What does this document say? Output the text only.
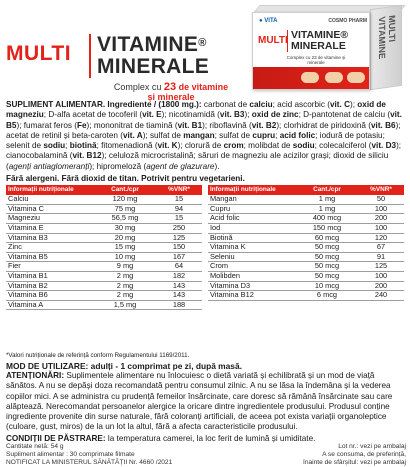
MULTI VITAMINE®
MINERALE
Complex cu 23 de vitamine
și minerale
MULTI VITAMINE
● VITA	COSMO PHARM
MULTI VITAMINE®
MINERALE
Complex cu 23 de vitamine și minerale
SUPLIMENT ALIMENTAR. Ingrediente / (1800 mg.): carbonat de calciu; acid ascorbic (vit. C); oxid de magneziu; D-alfa acetat de tocoferil (vit. E); nicotinamidă (vit. B3); oxid de zinc; D-pantotenat de calciu (vit. B5); fumarat feros (Fe); mononitrat de tiamină (vit. B1); riboflavină (vit. B2); clorhidrat de piridoxină (vit. B6); acetat de retinil și beta-caroten (vit. A); sulfat de mangan; sulfat de cupru; acid folic; iodură de potasiu; selenit de sodiu; biotină; fitomenadionă (vit. K); clorură de crom; molibdat de sodiu; colecalciferol (vit. D3); cianocobalamină (vit. B12); celuloză microcristalină; săruri de magneziu ale acizilor grași; dioxid de siliciu (agenți antiaglomeranți); hipromeloză (agent de glazurare).
Fără alergeni. Fără dioxid de titan. Potrivit pentru vegetarieni.
Informații nutriționale	Cant./cpr	%VNR*
Calciu	120 mg	15
Vitamina C	75 mg	94
Magneziu	56,5 mg	15
Vitamina E	30 mg	250
Vitamina B3	20 mg	125
Zinc	15 mg	150
Vitamina B5	10 mg	167
Fier	9 mg	64
Vitamina B1	2 mg	182
Vitamina B2	2 mg	143
Vitamina B6	2 mg	143
Vitamina A	1,5 mg	188
Informații nutriționale	Cant./cpr	%VNR*
Mangan	1 mg	50
Cupru	1 mg	100
Acid folic	400 mcg	200
Iod	150 mcg	100
Biotină	60 mcg	120
Vitamina K	50 mcg	67
Seleniu	50 mcg	91
Crom	50 mcg	125
Molibden	50 mcg	100
Vitamina D3	10 mcg	200
Vitamina B12	6 mcg	240
*Valori nutriționale de referință conform Regulamentului 1169/2011.
MOD DE UTILIZARE: adulți - 1 comprimat pe zi, după masă.
ATENȚIONĂRI: Suplimentele alimentare nu înlocuiesc o dietă variată și echilibrată și un mod de viață sănătos. A nu se depăși doza recomandată pentru consumul zilnic. A nu se lăsa la îndemâna și la vederea copiilor mici. A se administra cu prudență femeilor însărcinate, care doresc să rămână însărcinate sau care alăptează. Nerecomandat persoanelor alergice la oricare dintre ingredientele produsului. Produsul conține ingrediente provenite din surse naturale, fără coloranți artificiali, de aceea pot exista variații organoleptice (culoare, gust, miros) de la un lot la altul, fără a afecta caracteristicile produsului.
CONDIȚII DE PĂSTRARE: la temperatura camerei, la loc ferit de lumină și umiditate.
Cantitate netă: 54 g
Supliment alimentar : 30 comprimate filmate
NOTIFICAT LA MINISTERUL SĂNĂTĂȚII Nr. 4660 /2021
Lot nr.: vezi pe ambalaj
A se consuma, de preferință,
înainte de sfârșitul: vezi pe ambalaj
